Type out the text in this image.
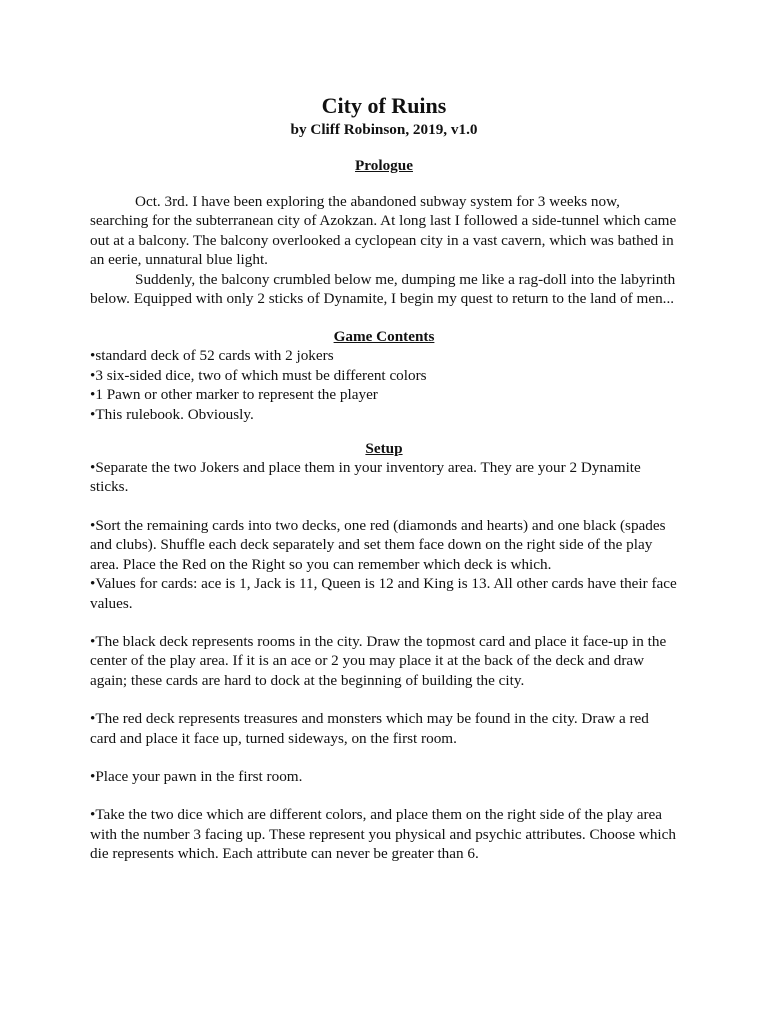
City of Ruins

by Cliff Robinson, 2019, v1.0

Prologue

Oct. 3rd. I have been exploring the abandoned subway system for 3 weeks now, searching for the subterranean city of Azokzan. At long last I followed a side-tunnel which came out at a balcony. The balcony overlooked a cyclopean city in a vast cavern, which was bathed in an eerie, unnatural blue light.

Suddenly, the balcony crumbled below me, dumping me like a rag-doll into the labyrinth below. Equipped with only 2 sticks of Dynamite, I begin my quest to return to the land of men...

Game Contents
•standard deck of 52 cards with 2 jokers
•3 six-sided dice, two of which must be different colors
•1 Pawn or other marker to represent the player
•This rulebook. Obviously.
Setup

•Separate the two Jokers and place them in your inventory area. They are your 2 Dynamite sticks.

•Sort the remaining cards into two decks, one red (diamonds and hearts) and one black (spades and clubs). Shuffle each deck separately and set them face down on the right side of the play area. Place the Red on the Right so you can remember which deck is which.

•Values for cards: ace is 1, Jack is 11, Queen is 12 and King is 13. All other cards have their face values.

•The black deck represents rooms in the city. Draw the topmost card and place it face-up in the center of the play area. If it is an ace or 2 you may place it at the back of the deck and draw again; these cards are hard to dock at the beginning of building the city.

•The red deck represents treasures and monsters which may be found in the city. Draw a red card and place it face up, turned sideways, on the first room.

•Place your pawn in the first room.

•Take the two dice which are different colors, and place them on the right side of the play area with the number 3 facing up. These represent you physical and psychic attributes. Choose which die represents which. Each attribute can never be greater than 6.
